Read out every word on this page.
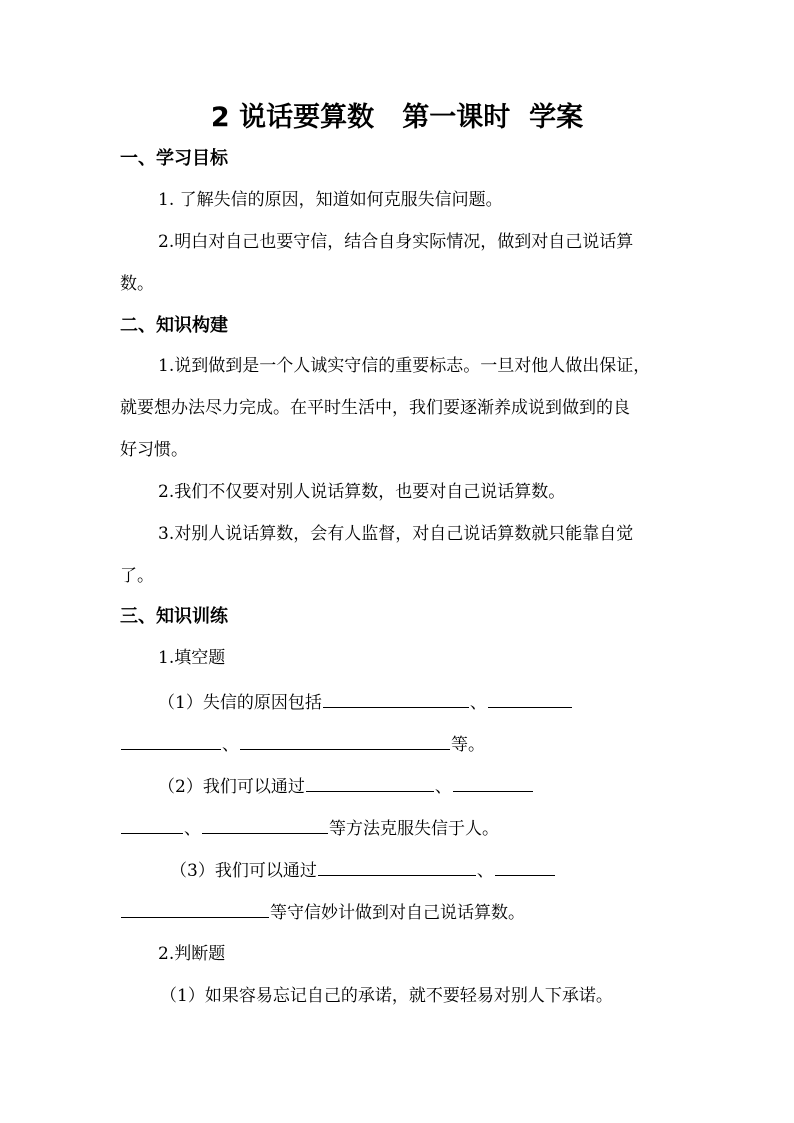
2 说话要算数   第一课时  学案
一、学习目标
1. 了解失信的原因，知道如何克服失信问题。
2.明白对自己也要守信，结合自身实际情况，做到对自己说话算
数。
二、知识构建
1.说到做到是一个人诚实守信的重要标志。一旦对他人做出保证，
就要想办法尽力完成。在平时生活中，我们要逐渐养成说到做到的良
好习惯。
2.我们不仅要对别人说话算数，也要对自己说话算数。
3.对别人说话算数，会有人监督，对自己说话算数就只能靠自觉
了。
三、知识训练
1.填空题
（1）失信的原因包括	、
、	等。
（2）我们可以通过	、
、	等方法克服失信于人。
（3）我们可以通过	、
等守信妙计做到对自己说话算数。
2.判断题
（1）如果容易忘记自己的承诺，就不要轻易对别人下承诺。
